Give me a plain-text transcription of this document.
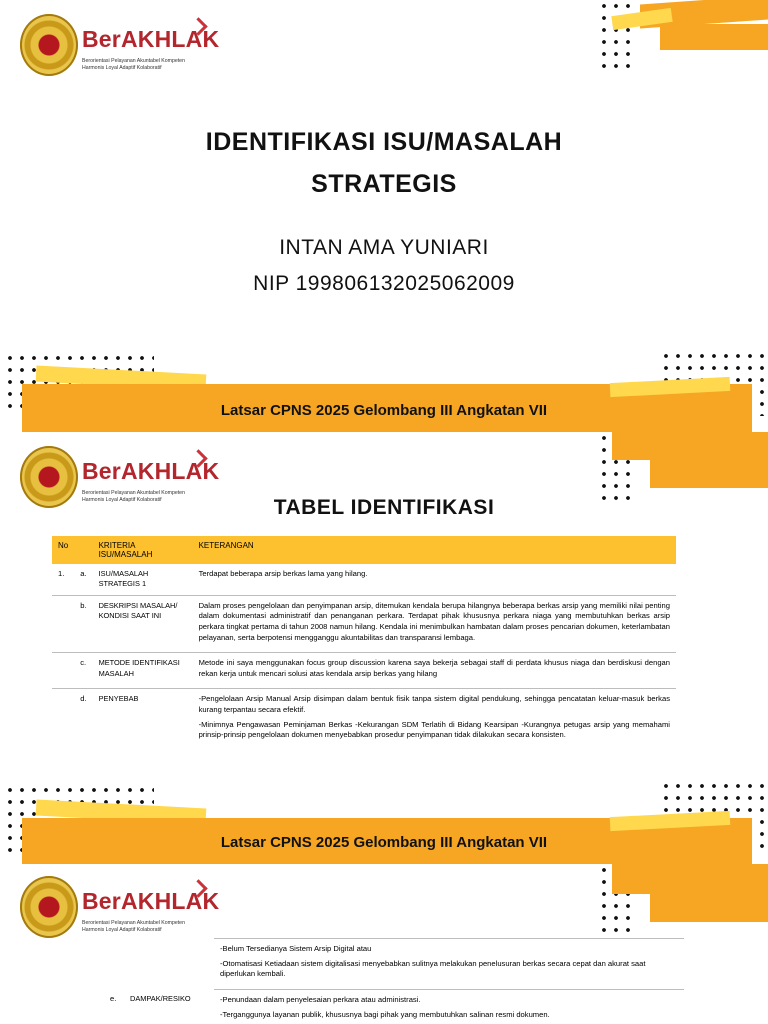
BerAKHLAK
Berorientasi Pelayanan Akuntabel Kompeten
Harmonis Loyal Adaptif Kolaboratif
IDENTIFIKASI ISU/MASALAH
STRATEGIS
INTAN AMA YUNIARI
NIP 199806132025062009
Latsar CPNS 2025 Gelombang III Angkatan VII
BerAKHLAK
Berorientasi Pelayanan Akuntabel Kompeten
Harmonis Loyal Adaptif Kolaboratif	TABEL IDENTIFIKASI
No		KRITERIA ISU/MASALAH	KETERANGAN
1.	a.	ISU/MASALAH STRATEGIS 1	Terdapat beberapa arsip berkas lama yang hilang.

	b.	DESKRIPSI MASALAH/ KONDISI SAAT INI	Dalam proses pengelolaan dan penyimpanan arsip, ditemukan kendala berupa hilangnya beberapa berkas arsip yang memiliki nilai penting dalam dokumentasi administratif dan penanganan perkara. Terdapat pihak khususnya perkara niaga yang membutuhkan berkas arsip perkara tingkat pertama di tahun 2008 namun hilang. Kendala ini menimbulkan hambatan dalam proses pencarian dokumen, keterlambatan pelayanan, serta berpotensi mengganggu akuntabilitas dan transparansi lembaga.

	c.	METODE IDENTIFIKASI MASALAH	Metode ini saya menggunakan focus group discussion karena saya bekerja sebagai staff di perdata khusus niaga dan berdiskusi dengan rekan kerja untuk mencari solusi atas kendala arsip berkas yang hilang

	d.	PENYEBAB	-Pengelolaan Arsip Manual Arsip disimpan dalam bentuk fisik tanpa sistem digital pendukung, sehingga pencatatan keluar-masuk berkas kurang terpantau secara efektif.

-Minimnya Pengawasan Peminjaman Berkas -Kekurangan SDM Terlatih di Bidang Kearsipan -Kurangnya petugas arsip yang memahami prinsip-prinsip pengelolaan dokumen menyebabkan prosedur penyimpanan tidak dilakukan secara konsisten.

Latsar CPNS 2025 Gelombang III Angkatan VII
BerAKHLAK
Berorientasi Pelayanan Akuntabel Kompeten
Harmonis Loyal Adaptif Kolaboratif

		-Belum Tersedianya Sistem Arsip Digital atau

-Otomatisasi Ketiadaan sistem digitalisasi menyebabkan sulitnya melakukan penelusuran berkas secara cepat dan akurat saat diperlukan kembali.

e.	DAMPAK/RESIKO	-Penundaan dalam penyelesaian perkara atau administrasi.

-Terganggunya layanan publik, khususnya bagi pihak yang membutuhkan salinan resmi dokumen.
